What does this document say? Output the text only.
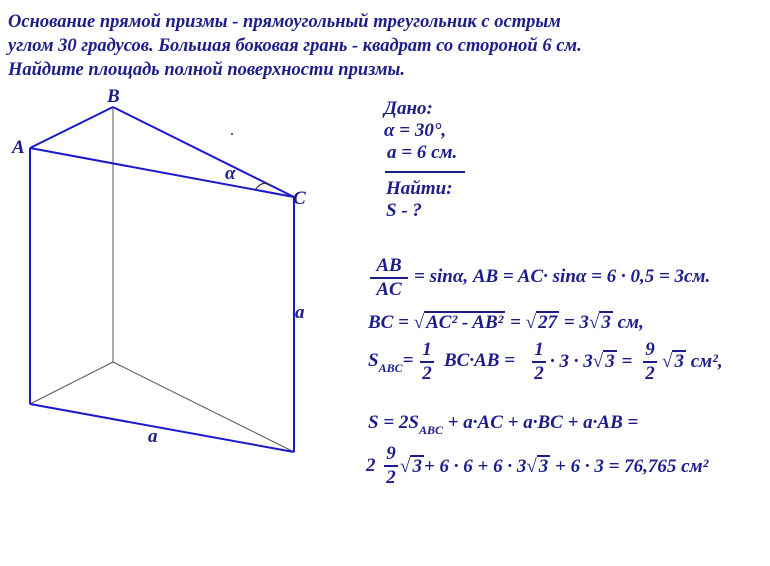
Основание прямой призмы - прямоугольный треугольник с острым
углом 30 градусов. Большая боковая грань - квадрат со стороной 6 см.
Найдите площадь полной поверхности призмы.
A
B
C
α
a
a
Дано:
α = 30°,
a = 6 см.
Найти:
S - ?
AB
AC
= sinα, AB = AC· sinα = 6 · 0,5 = 3см.
BC = √ AC² - AB² = √ 27 = 3√ 3 см,
$S_{ABC}=$
1
2
BC·AB =
1
2
· 3 · 3√ 3 =
9
2
√ 3 см²,
$S = 2S_{ABC} + a\cdot AC + a\cdot BC + a\cdot AB$ =
2
9
2
√ 3 + 6 · 6 + 6 · 3√ 3 + 6 · 3 = 76,765 см²
